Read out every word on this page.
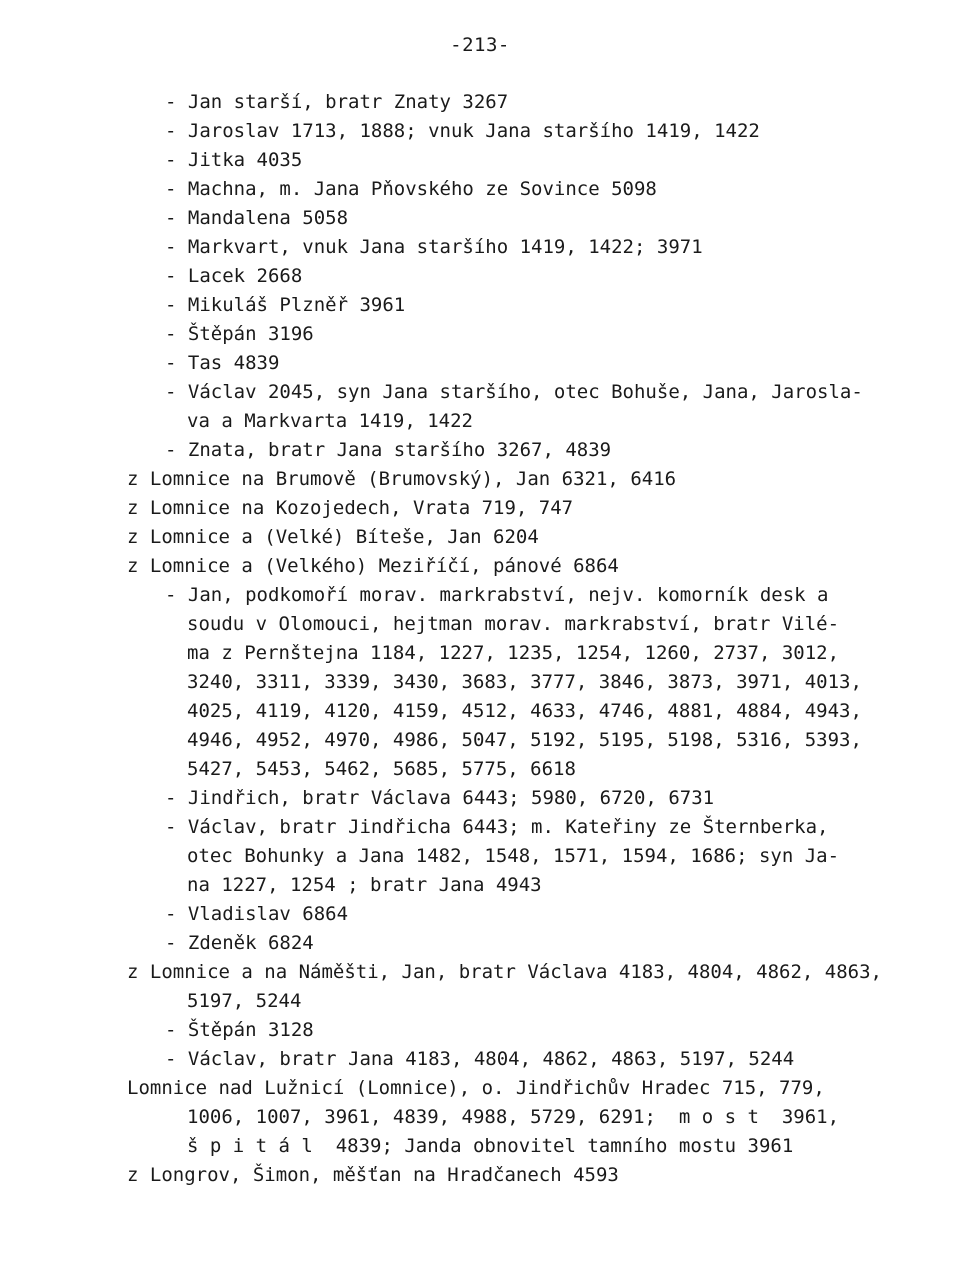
-213-
- Jan starší, bratr Znaty 3267
- Jaroslav 1713, 1888; vnuk Jana staršího 1419, 1422
- Jitka 4035
- Machna, m. Jana Pňovského ze Sovince 5098
- Mandalena 5058
- Markvart, vnuk Jana staršího 1419, 1422; 3971
- Lacek 2668
- Mikuláš Plzněř 3961
- Štěpán 3196
- Tas 4839
- Václav 2045, syn Jana staršího, otec Bohuše, Jana, Jarosla-
va a Markvarta 1419, 1422
- Znata, bratr Jana staršího 3267, 4839
z Lomnice na Brumově (Brumovský), Jan 6321, 6416
z Lomnice na Kozojedech, Vrata 719, 747
z Lomnice a (Velké) Bíteše, Jan 6204
z Lomnice a (Velkého) Meziříčí, pánové 6864
- Jan, podkomoří morav. markrabství, nejv. komorník desk a
soudu v Olomouci, hejtman morav. markrabství, bratr Vilé-
ma z Pernštejna 1184, 1227, 1235, 1254, 1260, 2737, 3012,
3240, 3311, 3339, 3430, 3683, 3777, 3846, 3873, 3971, 4013,
4025, 4119, 4120, 4159, 4512, 4633, 4746, 4881, 4884, 4943,
4946, 4952, 4970, 4986, 5047, 5192, 5195, 5198, 5316, 5393,
5427, 5453, 5462, 5685, 5775, 6618
- Jindřich, bratr Václava 6443; 5980, 6720, 6731
- Václav, bratr Jindřicha 6443; m. Kateřiny ze Šternberka,
otec Bohunky a Jana 1482, 1548, 1571, 1594, 1686; syn Ja-
na 1227, 1254 ; bratr Jana 4943
- Vladislav 6864
- Zdeněk 6824
z Lomnice a na Náměšti, Jan, bratr Václava 4183, 4804, 4862, 4863,
5197, 5244
- Štěpán 3128
- Václav, bratr Jana 4183, 4804, 4862, 4863, 5197, 5244
Lomnice nad Lužnicí (Lomnice), o. Jindřichův Hradec 715, 779,
1006, 1007, 3961, 4839, 4988, 5729, 6291;  m o s t  3961,
š p i t á l  4839; Janda obnovitel tamního mostu 3961
z Longrov, Šimon, měšťan na Hradčanech 4593
